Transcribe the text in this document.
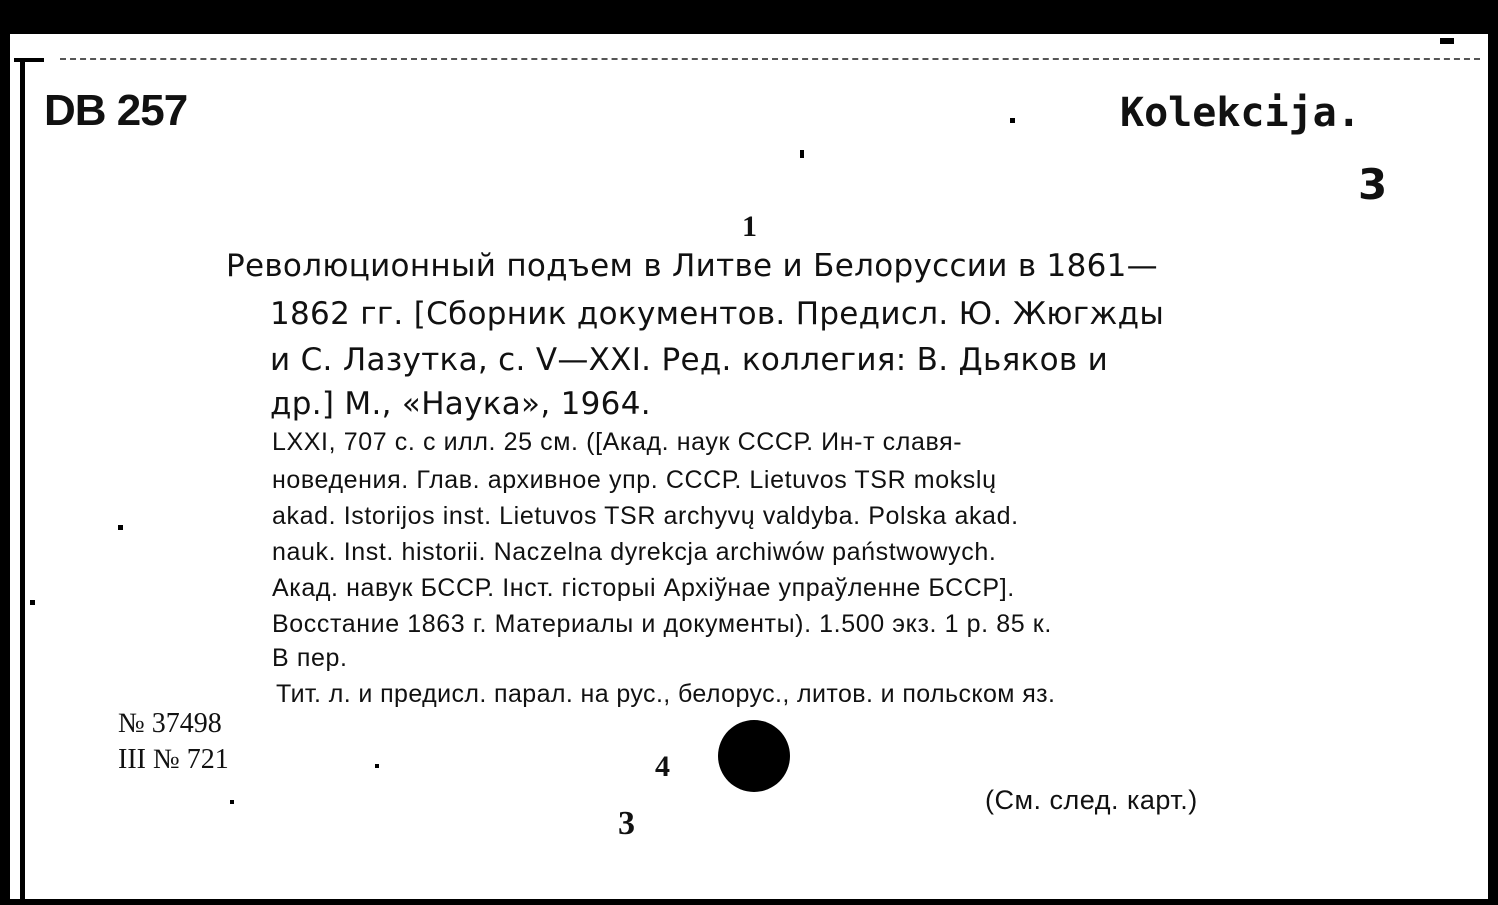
DB 257	Kolekcija.
3
1
Революционный подъем в Литве и Белоруссии в 1861—
1862 гг. [Сборник документов. Предисл. Ю. Жюгжды
и С. Лазутка, с. V—XXI. Ред. коллегия: В. Дьяков и
др.] М., «Наука», 1964.
LXXI, 707 с. с илл. 25 см. ([Акад. наук СССР. Ин-т славя-
новедения. Глав. архивное упр. СССР. Lietuvos TSR mokslų
akad. Istorijos inst. Lietuvos TSR archyvų valdyba. Polska akad.
nauk. Inst. historii. Naczelna dyrekcja archiwów państwowych.
Акад. навук БССР. Інст. гісторыі Архіўнае упраўленне БССР].
Восстание 1863 г. Материалы и документы). 1.500 экз. 1 р. 85 к.
В пер.
Тит. л. и предисл. парал. на рус., белорус., литов. и польском яз.
№ 37498
III № 721	4
3
(См. след. карт.)
